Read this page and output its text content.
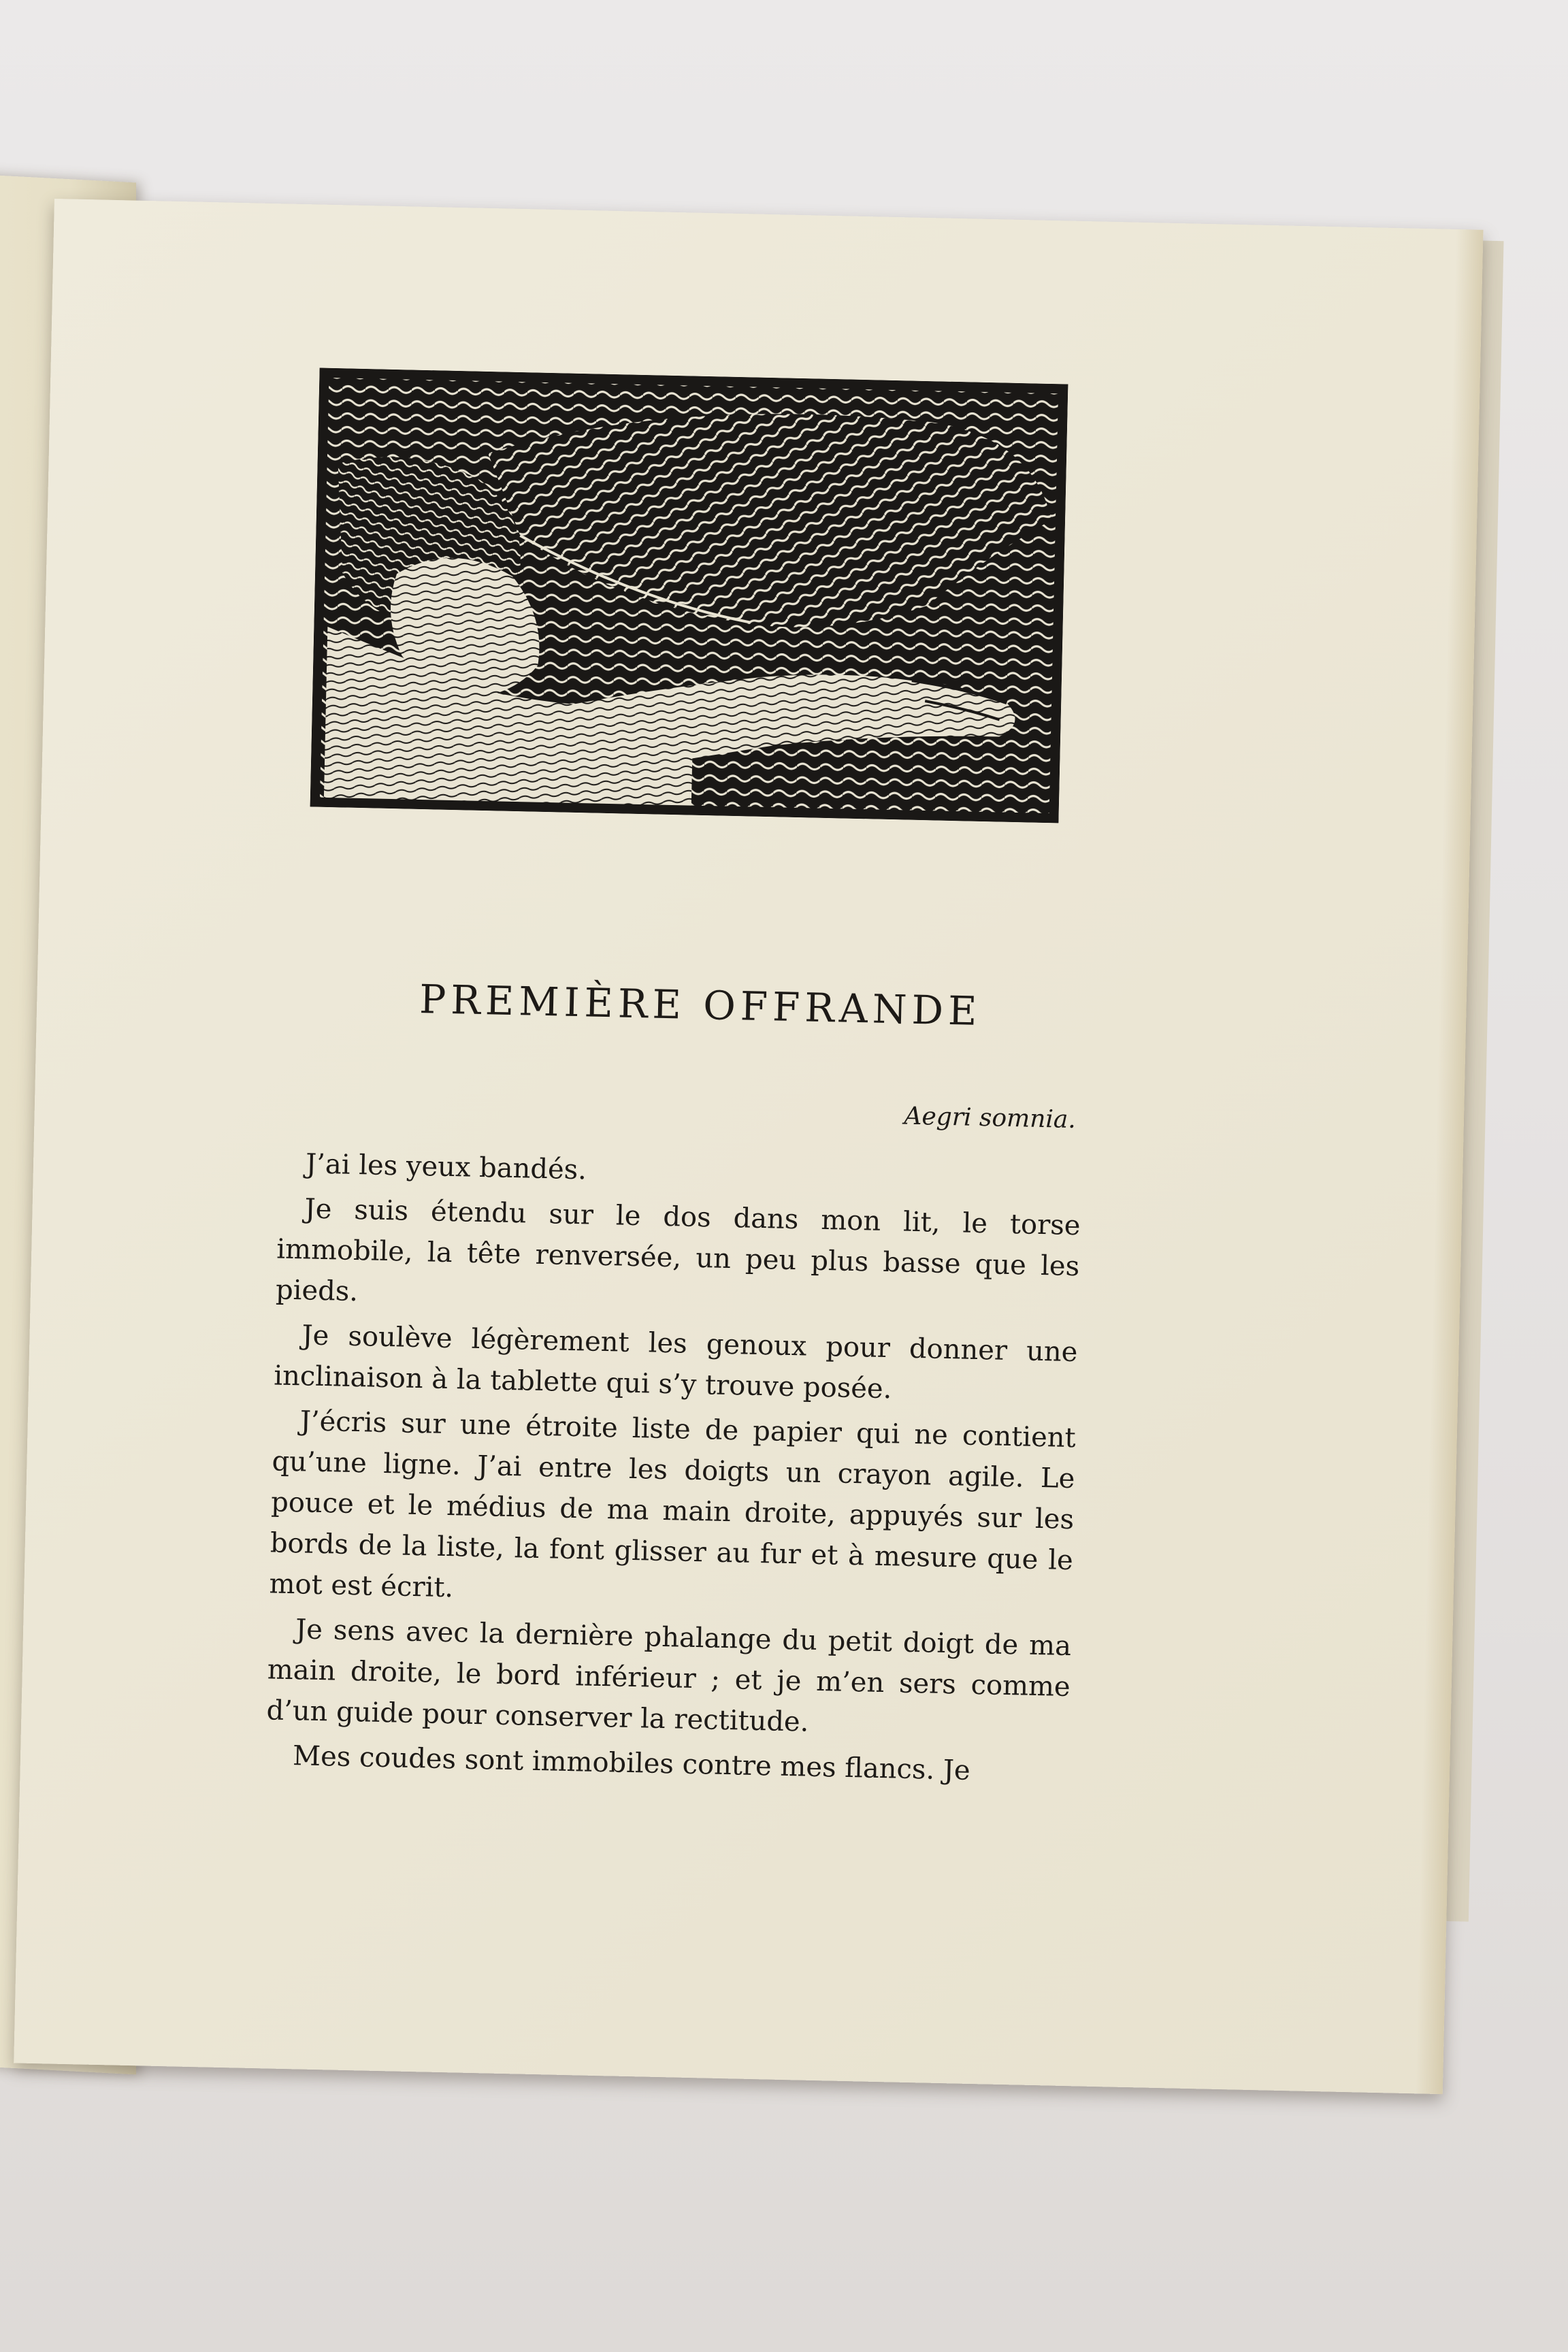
PREMIÈRE OFFRANDE
Aegri somnia.

J’ai les yeux bandés.

Je suis étendu sur le dos dans mon lit, le torse immobile, la tête renversée, un peu plus basse que les pieds.

Je soulève légèrement les genoux pour donner une inclinaison à la tablette qui s’y trouve posée.

J’écris sur une étroite liste de papier qui ne contient qu’une ligne. J’ai entre les doigts un crayon agile. Le pouce et le médius de ma main droite, appuyés sur les bords de la liste, la font glisser au fur et à mesure que le mot est écrit.

Je sens avec la dernière phalange du petit doigt de ma main droite, le bord inférieur ; et je m’en sers comme d’un guide pour conserver la rectitude.

Mes coudes sont immobiles contre mes flancs. Je
